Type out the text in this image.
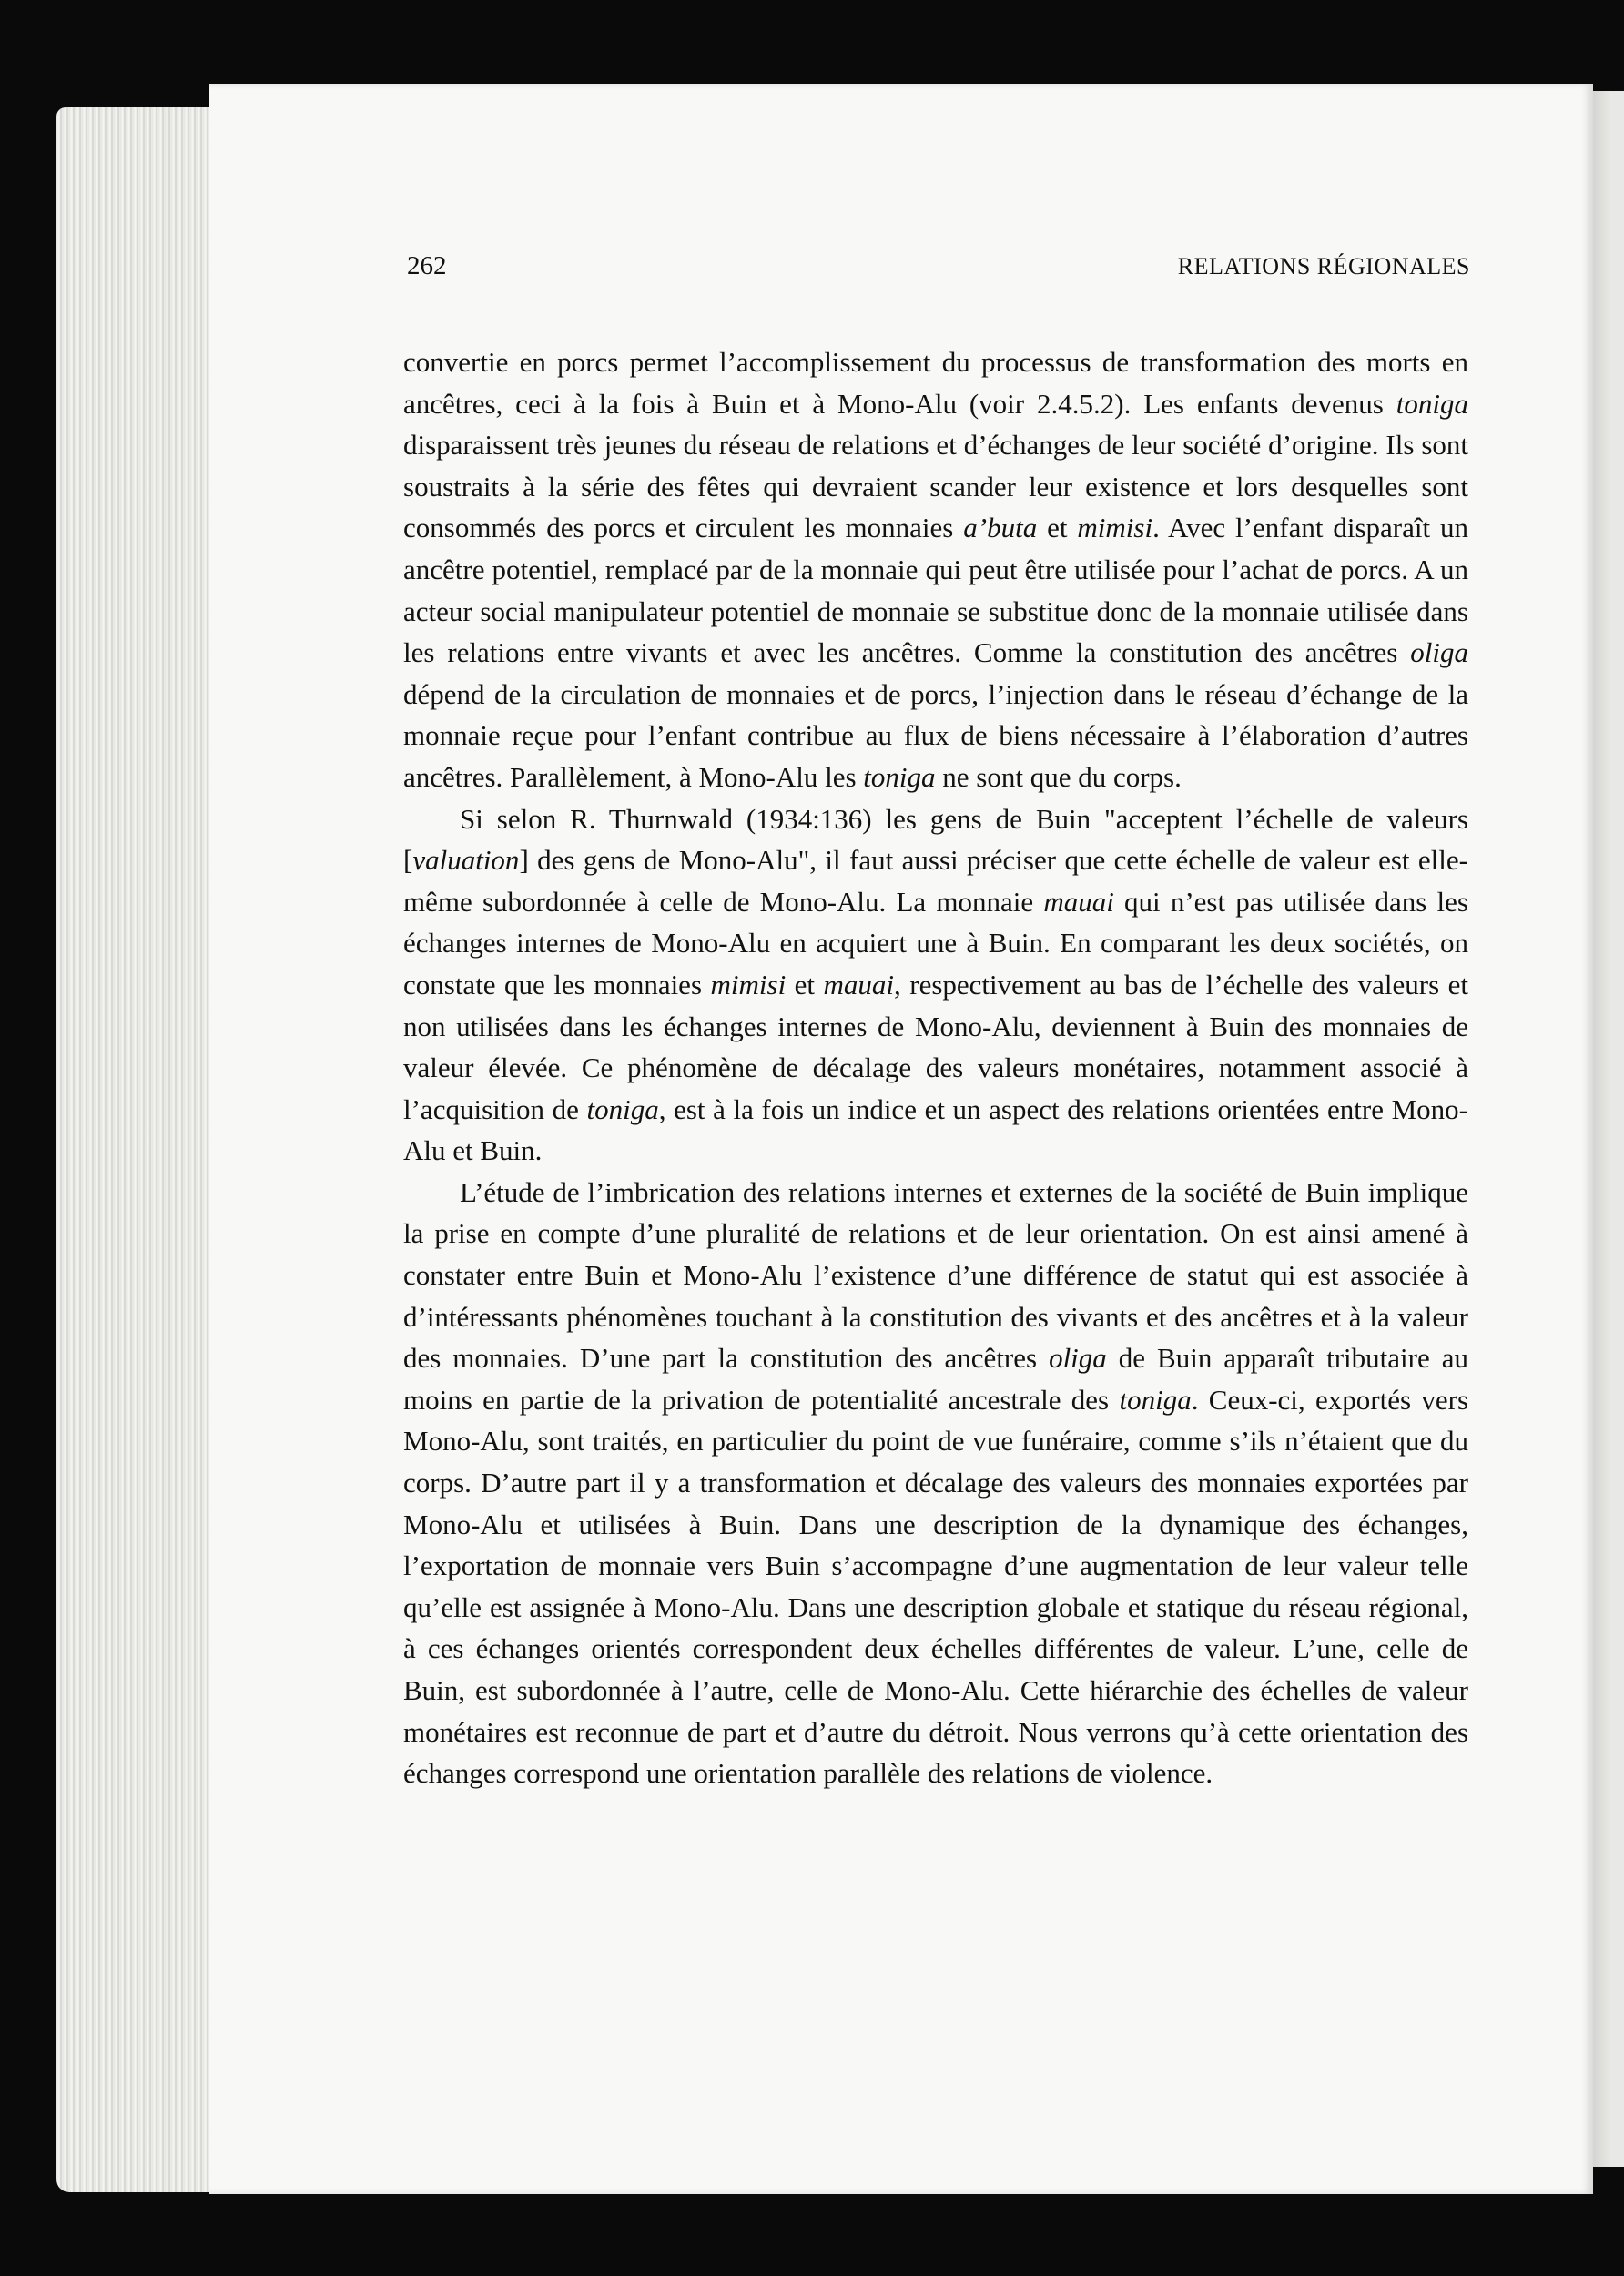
262	RELATIONS RÉGIONALES

convertie en porcs permet l’accomplissement du processus de transformation des morts en ancêtres, ceci à la fois à Buin et à Mono-Alu (voir 2.4.5.2). Les enfants devenus toniga disparaissent très jeunes du réseau de relations et d’échanges de leur société d’origine. Ils sont soustraits à la série des fêtes qui devraient scander leur existence et lors desquelles sont consommés des porcs et circulent les monnaies a’buta et mimisi. Avec l’enfant disparaît un ancêtre potentiel, remplacé par de la monnaie qui peut être utilisée pour l’achat de porcs. A un acteur social manipulateur potentiel de monnaie se substitue donc de la monnaie utilisée dans les relations entre vivants et avec les ancêtres. Comme la constitution des ancêtres oliga dépend de la circulation de monnaies et de porcs, l’injection dans le réseau d’échange de la monnaie reçue pour l’enfant contribue au flux de biens nécessaire à l’élaboration d’autres ancêtres. Parallèlement, à Mono-Alu les toniga ne sont que du corps.

Si selon R. Thurnwald (1934:136) les gens de Buin "acceptent l’échelle de valeurs [valuation] des gens de Mono-Alu", il faut aussi préciser que cette échelle de valeur est elle-même subordonnée à celle de Mono-Alu. La monnaie mauai qui n’est pas utilisée dans les échanges internes de Mono-Alu en acquiert une à Buin. En comparant les deux sociétés, on constate que les monnaies mimisi et mauai, respectivement au bas de l’échelle des valeurs et non utilisées dans les échanges internes de Mono-Alu, deviennent à Buin des monnaies de valeur élevée. Ce phénomène de décalage des valeurs monétaires, notamment associé à l’acquisition de toniga, est à la fois un indice et un aspect des relations orientées entre Mono-Alu et Buin.

L’étude de l’imbrication des relations internes et externes de la société de Buin implique la prise en compte d’une pluralité de relations et de leur orientation. On est ainsi amené à constater entre Buin et Mono-Alu l’existence d’une différence de statut qui est associée à d’intéressants phénomènes touchant à la constitution des vivants et des ancêtres et à la valeur des monnaies. D’une part la constitution des ancêtres oliga de Buin apparaît tributaire au moins en partie de la privation de potentialité ancestrale des toniga. Ceux-ci, exportés vers Mono-Alu, sont traités, en particulier du point de vue funéraire, comme s’ils n’étaient que du corps. D’autre part il y a transformation et décalage des valeurs des monnaies exportées par Mono-Alu et utilisées à Buin. Dans une description de la dynamique des échanges, l’exportation de monnaie vers Buin s’accompagne d’une augmentation de leur valeur telle qu’elle est assignée à Mono-Alu. Dans une description globale et statique du réseau régional, à ces échanges orientés correspondent deux échelles différentes de valeur. L’une, celle de Buin, est subordonnée à l’autre, celle de Mono-Alu. Cette hiérarchie des échelles de valeur monétaires est reconnue de part et d’autre du détroit. Nous verrons qu’à cette orientation des échanges correspond une orientation parallèle des relations de violence.
